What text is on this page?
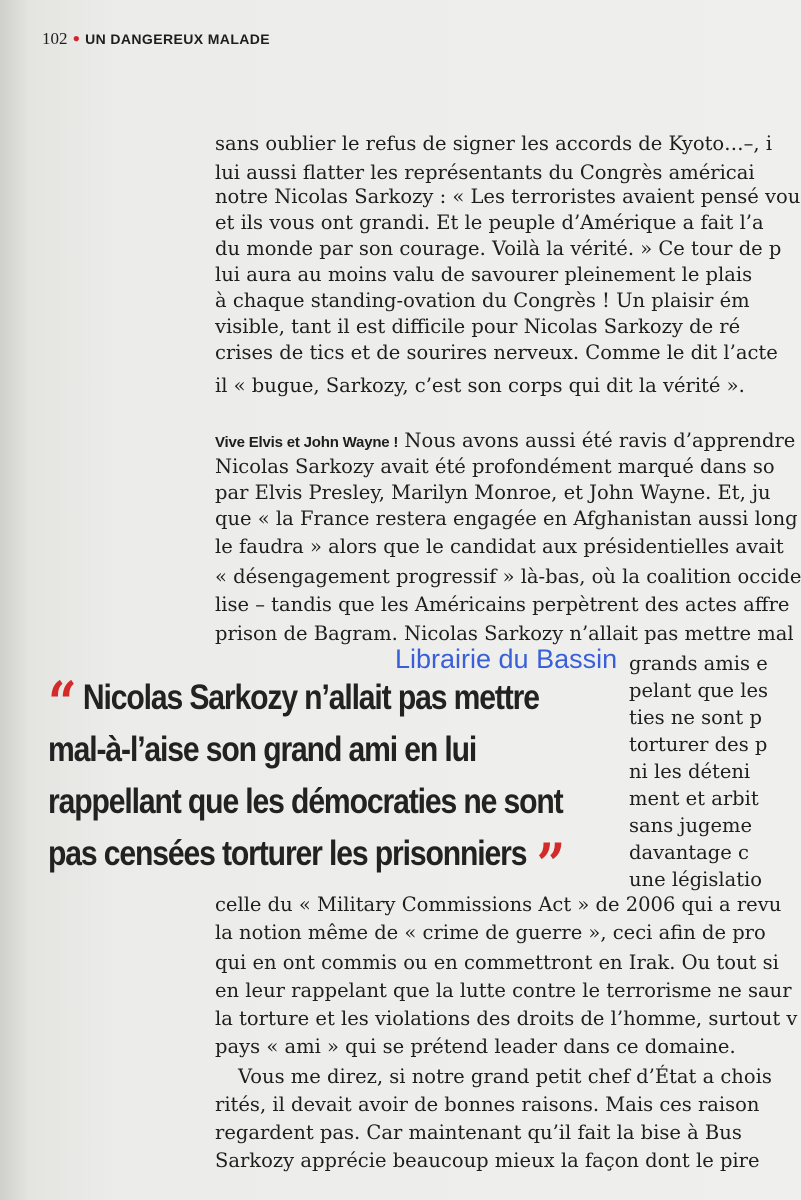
102 • UN DANGEREUX MALADE
sans oublier le refus de signer les accords de Kyoto…–, i
lui aussi flatter les représentants du Congrès américai
notre Nicolas Sarkozy : « Les terroristes avaient pensé vou
et ils vous ont grandi. Et le peuple d’Amérique a fait l’a
du monde par son courage. Voilà la vérité. » Ce tour de p
lui aura au moins valu de savourer pleinement le plais
à chaque standing-ovation du Congrès ! Un plaisir ém
visible, tant il est difficile pour Nicolas Sarkozy de ré
crises de tics et de sourires nerveux. Comme le dit l’acte
il « bugue, Sarkozy, c’est son corps qui dit la vérité ».
Vive Elvis et John Wayne ! Nous avons aussi été ravis d’apprendre
Nicolas Sarkozy avait été profondément marqué dans so
par Elvis Presley, Marilyn Monroe, et John Wayne. Et, ju
que « la France restera engagée en Afghanistan aussi long
le faudra » alors que le candidat aux présidentielles avait
« désengagement progressif » là-bas, où la coalition occide
lise – tandis que les Américains perpètrent des actes affre
prison de Bagram. Nicolas Sarkozy n’allait pas mettre mal
grands amis e
pelant que les
ties ne sont p
torturer des p
ni les déteni
ment et arbit
sans jugeme
davantage c
une législatio
“ Nicolas Sarkozy n’allait pas mettre
mal-à-l’aise son grand ami en lui
rappellant que les démocraties ne sont
pas censées torturer les prisonniers ”
celle du « Military Commissions Act » de 2006 qui a revu
la notion même de « crime de guerre », ceci afin de pro
qui en ont commis ou en commettront en Irak. Ou tout si
en leur rappelant que la lutte contre le terrorisme ne saur
la torture et les violations des droits de l’homme, surtout v
pays « ami » qui se prétend leader dans ce domaine.
Vous me direz, si notre grand petit chef d’État a chois
rités, il devait avoir de bonnes raisons. Mais ces raison
regardent pas. Car maintenant qu’il fait la bise à Bus
Sarkozy apprécie beaucoup mieux la façon dont le pire
Librairie du Bassin
